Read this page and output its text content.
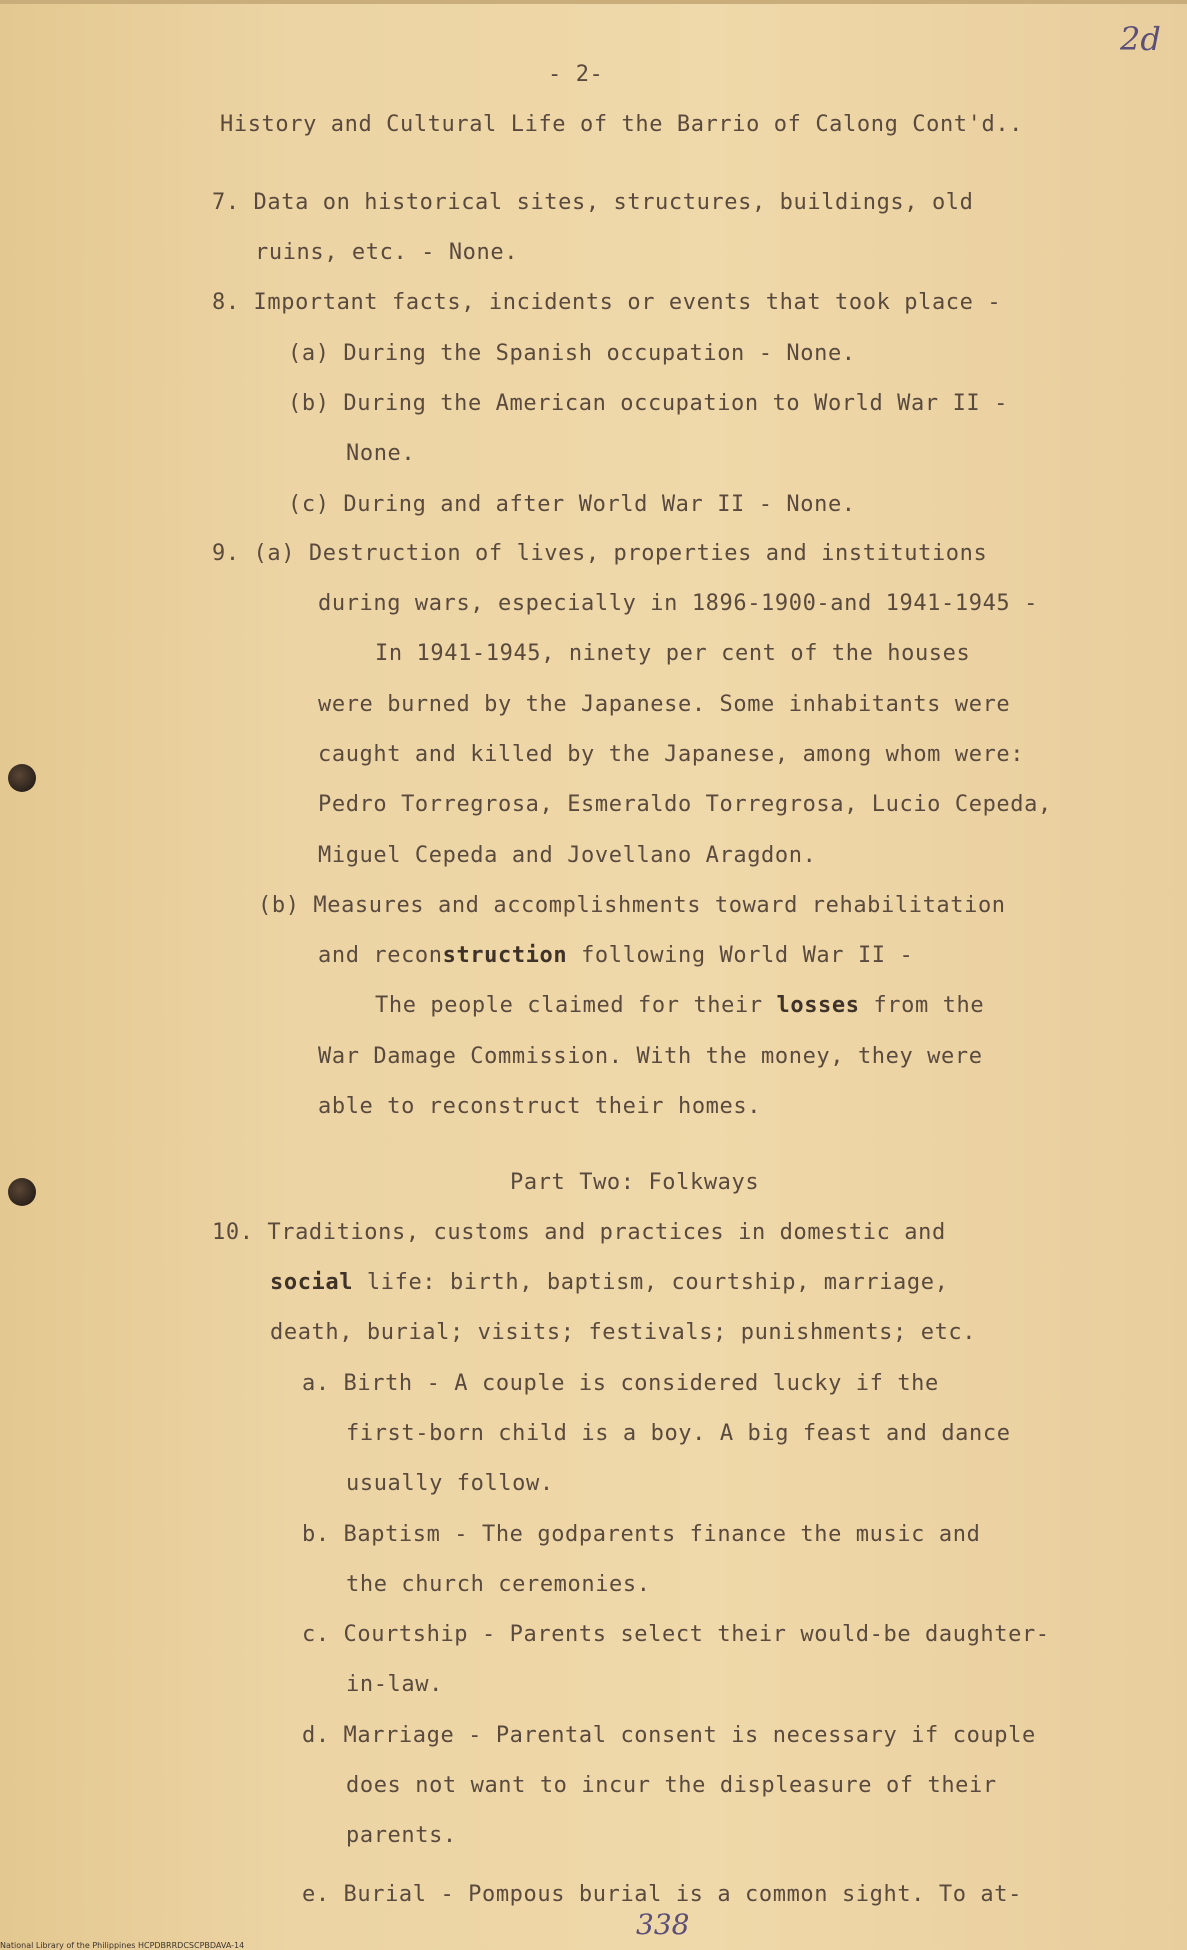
2d
- 2-
History and Cultural Life of the Barrio of Calong Cont'd..
7. Data on historical sites, structures, buildings, old
ruins, etc. - None.
8. Important facts, incidents or events that took place -
(a) During the Spanish occupation - None.
(b) During the American occupation to World War II -
None.
(c) During and after World War II - None.
9. (a) Destruction of lives, properties and institutions
during wars, especially in 1896-1900-and 1941-1945 -
In 1941-1945, ninety per cent of the houses
were burned by the Japanese. Some inhabitants were
caught and killed by the Japanese, among whom were:
Pedro Torregrosa, Esmeraldo Torregrosa, Lucio Cepeda,
Miguel Cepeda and Jovellano Aragdon.
(b) Measures and accomplishments toward rehabilitation
and reconstruction following World War II -
The people claimed for their losses from the
War Damage Commission. With the money, they were
able to reconstruct their homes.
Part Two: Folkways
10. Traditions, customs and practices in domestic and
social life: birth, baptism, courtship, marriage,
death, burial; visits; festivals; punishments; etc.
a. Birth - A couple is considered lucky if the
first-born child is a boy. A big feast and dance
usually follow.
b. Baptism - The godparents finance the music and
the church ceremonies.
c. Courtship - Parents select their would-be daughter-
in-law.
d. Marriage - Parental consent is necessary if couple
does not want to incur the displeasure of their
parents.
e. Burial - Pompous burial is a common sight. To at-
338
National Library of the Philippines HCPDBRRDCSCPBDAVA-14
